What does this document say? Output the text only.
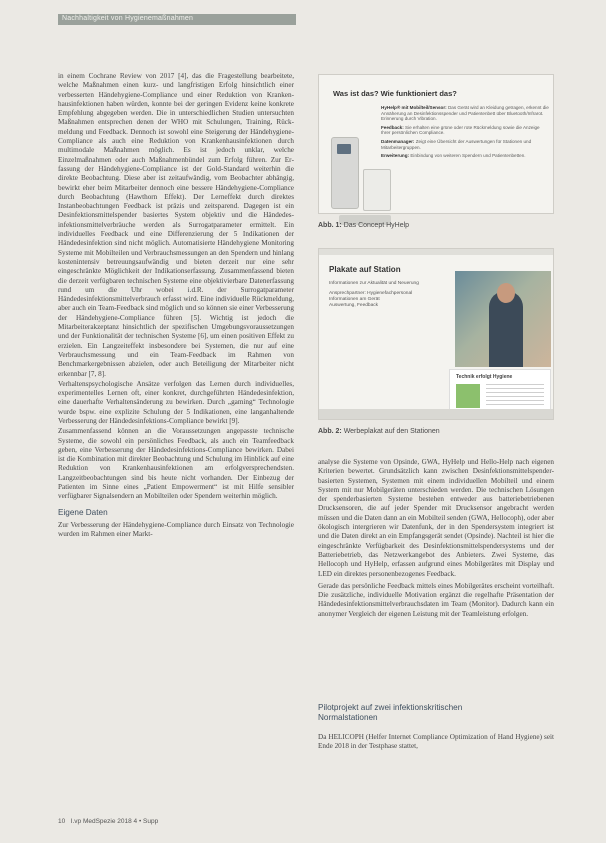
Nachhaltigkeit von Hygienemaßnahmen

in einem Cochrane Review von 2017 [4], das die Fragestellung bearbeitete, welche Maßnahmen einen kurz- und langfristigen Erfolg hinsichtlich einer verbesserten Händehygiene-Compliance und einer Reduktion von Krankenhausinfektionen haben würden, konnte bei der geringen Evidenz keine konkrete Empfehlung abgegeben werden. Die in unterschiedlichen Studien untersuchten Maßnahmen entsprechen denen der WHO mit Schulungen, Training, Rückmeldung und Feedback. Dennoch ist sowohl eine Steigerung der Händehygiene-Compliance als auch eine Reduktion von Krankenhausinfektionen durch multimodale Maßnahmen möglich. Es ist jedoch unklar, welche Einzelmaßnahmen oder auch Maßnahmenbündel zum Erfolg führen. Zur Erfassung der Händehygiene-Compliance ist der Gold-Standard weiterhin die direkte Beobachtung. Diese aber ist zeitaufwändig, vom Beobachter abhängig, bewirkt eher beim Mitarbeiter dennoch eine bessere Händehygiene-Compliance durch Beobachtung (Hawthorn Effekt). Der Lerneffekt durch direktes Instanbeobachtungen Feedback ist präzis und zeitsparend. Dagegen ist ein Desinfektionsmittelspender basiertes System objektiv und die Händedesinfektionsmittelverbräuche werden als Surrogatparameter ermittelt. Ein individuelles Feedback und eine Differenzierung der 5 Indikationen der Händedesinfektion sind nicht möglich. Automatisierte Händehygiene Monitoring Systeme mit Mobilteilen und Verbrauchsmessungen an den Spendern und hinlang kostenintensiv betreuungsaufwändig und bieten derzeit nur eine sehr eingeschränkte Möglichkeit der Indikationserfassung. Zusammenfassend bieten die derzeit verfügbaren technischen Systeme eine objektivierbare Datenerfassung rund um die Uhr wobei i.d.R. der Surrogatparameter Händedesinfektionsmittelverbrauch erfasst wird. Eine individuelle Rückmeldung, aber auch ein Team-Feedback sind möglich und so können sie einer Verbesserung der Händehygiene-Compliance führen [5]. Wichtig ist jedoch die Mitarbeiterakzeptanz hinsichtlich der spezifischen Umgebungsvoraussetzungen und der Funktionalität der technischen Systeme [6], um einen positiven Effekt zu erzielen. Ein Langzeiteffekt insbesondere bei Systemen, die nur auf eine Verbrauchsmessung und ein Team-Feedback im Rahmen von Benchmarkergebnissen abzielen, oder auch Beteiligung der Mitarbeiter nicht erkennbar [7, 8].

Verhaltenspsychologische Ansätze verfolgen das Lernen durch individuelles, experimentelles Lernen oft, einer konkret, durchgeführten Händedesinfektion, eine dauerhafte Verhaltensänderung zu bewirken. Durch „gaming“ Technologie wurde bspw. eine explizite Schulung der 5 Indikationen, eine langanhaltende Verbesserung der Händedesinfektions-Compliance bewirkt [9].

Zusammenfassend können an die Voraussetzungen angepasste technische Systeme, die sowohl ein persönliches Feedback, als auch ein Teamfeedback geben, eine Verbesserung der Händedesinfektions-Compliance bewirken. Dabei ist die Kombination mit direkter Beobachtung und Schulung im Hinblick auf eine Reduktion von Krankenhausinfektionen am erfolgversprechendsten. Langzeitbeobachtungen sind bis heute nicht vorhanden. Der Einbezug der Patienten im Sinne eines „Patient Empowerment“ ist mit Hilfe sensibler verfügbarer Signalsendern an Mobilteilen oder Spendern weiterhin möglich.

Eigene Daten

Zur Verbesserung der Händehygiene-Compliance durch Einsatz von Technologie wurden im Rahmen einer Markt-

Was ist das? Wie funktioniert das?
HyHelp® mit Mobilteil/Sensor: Das Gerät wird an Kleidung getragen, erkennt die Annäherung an Desinfektionsspender und Patientenbett über Bluetooth/Infrarot. Erinnerung durch Vibration.
Feedback: Sie erhalten eine grüne oder rote Rückmeldung sowie die Anzeige Ihrer persönlichen Compliance.
Datenmanager: Zeigt eine Übersicht der Auswertungen für Stationen und Mitarbeitergruppen.
Erweiterung: Einbindung von weiteren Spendern und Patientenbetten.
Abb. 1: Das Concept HyHelp
Plakate auf Station
Informationen zur Aktualität und Neuerung
Ansprechpartner: Hygienefachpersonal
Informationen am Gerät
Auswertung, Feedback
Technik erfolgt Hygiene
Abb. 2: Werbeplakat auf den Stationen

analyse die Systeme von Opsinde, GWA, HyHelp und Hello-Help nach eigenen Kriterien bewertet. Grundsätzlich kann zwischen Desinfektionsmittelspender-basierten Systemen, Systemen mit einem individuellen Mobilteil und einem System mit nur Mobilgeräten unterschieden werden. Die technischen Lösungen der spenderbasierten Systeme bestehen entweder aus batteriebetriebenen Drucksensoren, die auf jeder Spender mit Drucksensor angebracht werden müssen und die Daten dann an ein Mobilteil senden (GWA, Hellocoph), oder aber ökologisch intergrieren wir Datenfunk, der in den Spendersystem integriert ist und die Daten direkt an ein Empfangsgerät sendet (Opsinde). Nachteil ist hier die eingeschränkte Verfügbarkeit des Desinfektionsmittelspendersystems und der Batteriebetrieb, das Netzwerkangebot des Anbieters. Zwei Systeme, das Hellocoph und HyHelp, erfassen aufgrund eines Mobilgerätes mit Display und LED ein direktes personenbezogenes Feedback.

Gerade das persönliche Feedback mittels eines Mobilgerätes erscheint vorteilhaft. Die zusätzliche, individuelle Motivation ergänzt die regelhafte Präsentation der Händedesinfektionsmittelverbrauchsdaten im Team (Monitor). Dadurch kann ein anonymer Vergleich der eigenen Leistung mit der Teamleistung erfolgen.

Pilotprojekt auf zwei infektionskritischen
Normalstationen

Da HELICOPH (Helfer Internet Compliance Optimization of Hand Hygiene) seit Ende 2018 in der Testphase stattet,

10 I.vp MedSpezie 2018 4 • Supp
